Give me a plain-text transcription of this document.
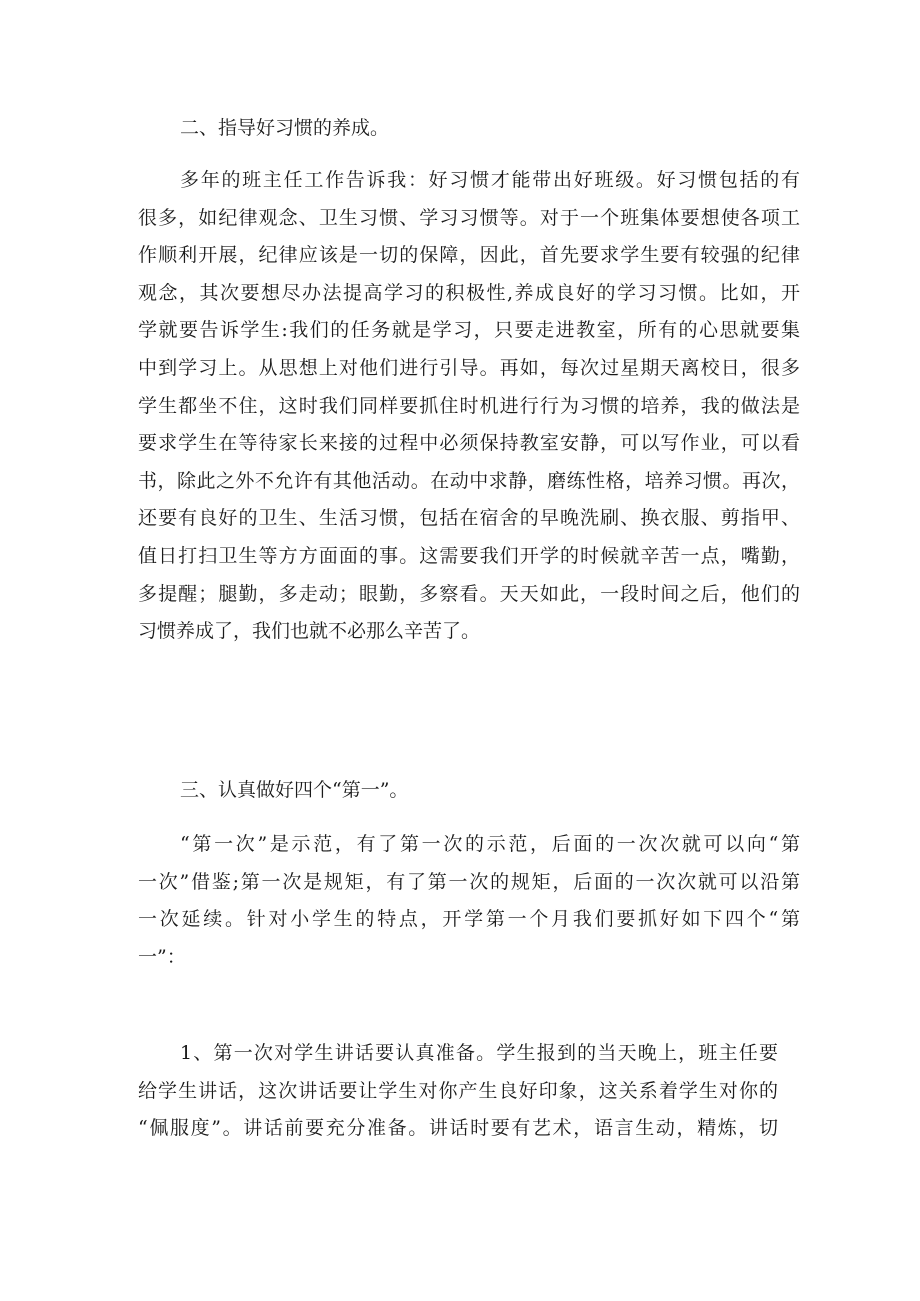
二、指导好习惯的养成。

多年的班主任工作告诉我：好习惯才能带出好班级。好习惯包括的有
很多，如纪律观念、卫生习惯、学习习惯等。对于一个班集体要想使各项工
作顺利开展，纪律应该是一切的保障，因此，首先要求学生要有较强的纪律
观念，其次要想尽办法提高学习的积极性,养成良好的学习习惯。比如，开
学就要告诉学生:我们的任务就是学习，只要走进教室，所有的心思就要集
中到学习上。从思想上对他们进行引导。再如，每次过星期天离校日，很多
学生都坐不住，这时我们同样要抓住时机进行行为习惯的培养，我的做法是
要求学生在等待家长来接的过程中必须保持教室安静，可以写作业，可以看
书，除此之外不允许有其他活动。在动中求静，磨练性格，培养习惯。再次，
还要有良好的卫生、生活习惯，包括在宿舍的早晚洗刷、换衣服、剪指甲、
值日打扫卫生等方方面面的事。这需要我们开学的时候就辛苦一点，嘴勤，
多提醒；腿勤，多走动；眼勤，多察看。天天如此，一段时间之后，他们的
习惯养成了，我们也就不必那么辛苦了。

三、认真做好四个“第一”。

“第一次”是示范，有了第一次的示范，后面的一次次就可以向“第
一次”借鉴;第一次是规矩，有了第一次的规矩，后面的一次次就可以沿第
一次延续。针对小学生的特点，开学第一个月我们要抓好如下四个“第
一”：
1、第一次对学生讲话要认真准备。学生报到的当天晚上，班主任要
给学生讲话，这次讲话要让学生对你产生良好印象，这关系着学生对你的
“佩服度”。讲话前要充分准备。讲话时要有艺术，语言生动，精炼，切
